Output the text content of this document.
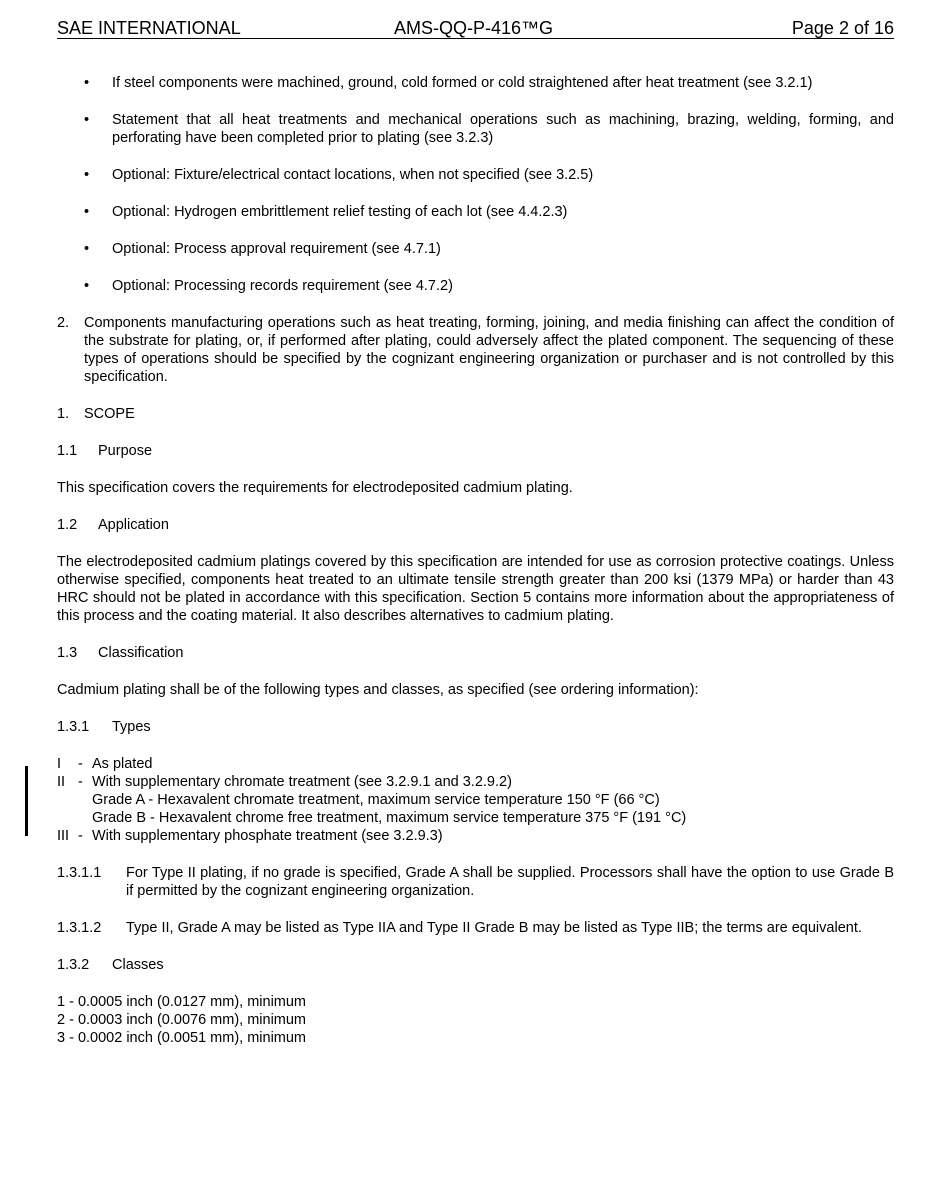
SAE INTERNATIONAL	AMS-QQ-P-416™G	Page 2 of 16
• If steel components were machined, ground, cold formed or cold straightened after heat treatment (see 3.2.1)
• Statement that all heat treatments and mechanical operations such as machining, brazing, welding, forming, and perforating have been completed prior to plating (see 3.2.3)
• Optional: Fixture/electrical contact locations, when not specified (see 3.2.5)
• Optional: Hydrogen embrittlement relief testing of each lot (see 4.4.2.3)
• Optional: Process approval requirement (see 4.7.1)
• Optional: Processing records requirement (see 4.7.2)
2. Components manufacturing operations such as heat treating, forming, joining, and media finishing can affect the condition of the substrate for plating, or, if performed after plating, could adversely affect the plated component. The sequencing of these types of operations should be specified by the cognizant engineering organization or purchaser and is not controlled by this specification.
1. SCOPE
1.1 Purpose
This specification covers the requirements for electrodeposited cadmium plating.
1.2 Application
The electrodeposited cadmium platings covered by this specification are intended for use as corrosion protective coatings. Unless otherwise specified, components heat treated to an ultimate tensile strength greater than 200 ksi (1379 MPa) or harder than 43 HRC should not be plated in accordance with this specification. Section 5 contains more information about the appropriateness of this process and the coating material. It also describes alternatives to cadmium plating.
1.3 Classification
Cadmium plating shall be of the following types and classes, as specified (see ordering information):
1.3.1 Types
I - As plated
II - With supplementary chromate treatment (see 3.2.9.1 and 3.2.9.2)
Grade A - Hexavalent chromate treatment, maximum service temperature 150 °F (66 °C)
Grade B - Hexavalent chrome free treatment, maximum service temperature 375 °F (191 °C)
III - With supplementary phosphate treatment (see 3.2.9.3)
1.3.1.1 For Type II plating, if no grade is specified, Grade A shall be supplied. Processors shall have the option to use Grade B if permitted by the cognizant engineering organization.
1.3.1.2 Type II, Grade A may be listed as Type IIA and Type II Grade B may be listed as Type IIB; the terms are equivalent.
1.3.2 Classes
1 - 0.0005 inch (0.0127 mm), minimum
2 - 0.0003 inch (0.0076 mm), minimum
3 - 0.0002 inch (0.0051 mm), minimum
